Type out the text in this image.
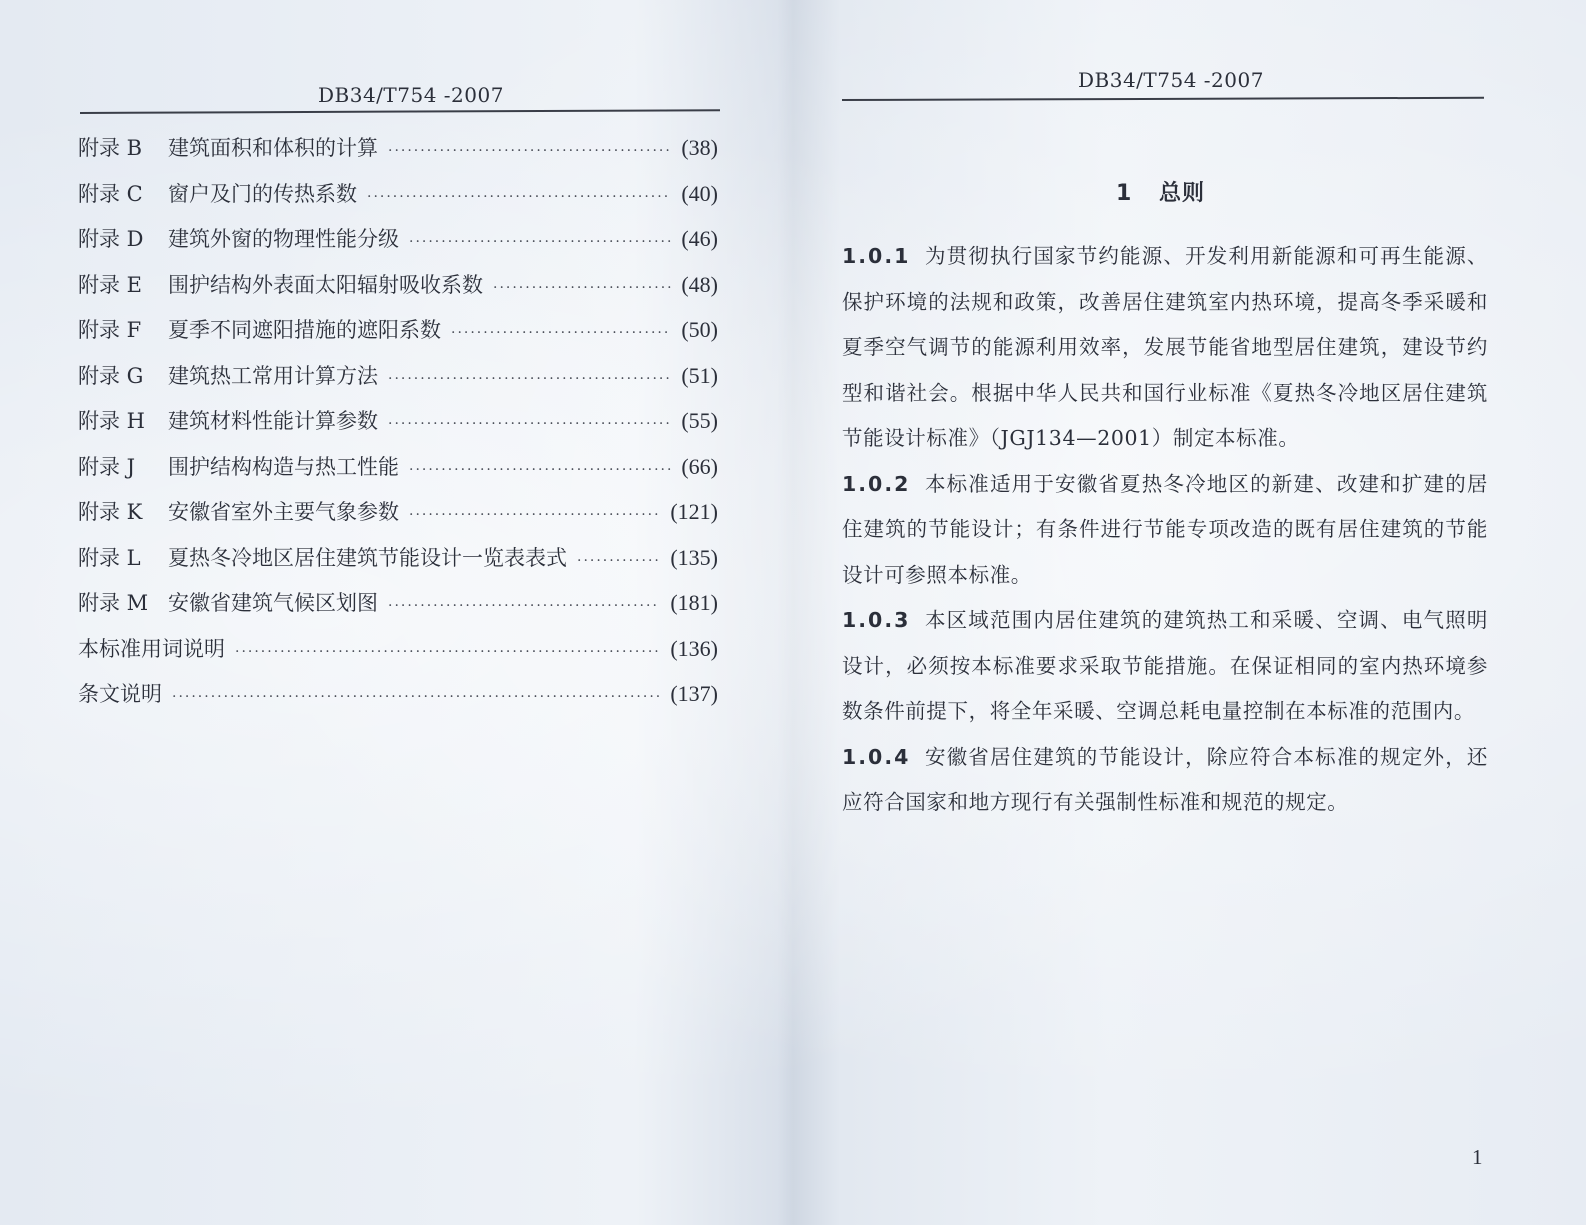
DB34/T754 -2007
附录 B 建筑面积和体积的计算 ·····	(38)
附录 C 窗户及门的传热系数 ·····	(40)
附录 D 建筑外窗的物理性能分级 ·····	(46)
附录 E 围护结构外表面太阳辐射吸收系数 ·····	(48)
附录 F 夏季不同遮阳措施的遮阳系数 ·····	(50)
附录 G 建筑热工常用计算方法 ·····	(51)
附录 H 建筑材料性能计算参数 ·····	(55)
附录 J 围护结构构造与热工性能 ·····	(66)
附录 K 安徽省室外主要气象参数 ·····	(121)
附录 L 夏热冬冷地区居住建筑节能设计一览表表式 ·····	(135)
附录 M 安徽省建筑气候区划图 ·····	(181)
本标准用词说明 ·····	(136)
条文说明 ·····	(137)
DB34/T754 -2007
1 总则

1.0.1 为贯彻执行国家节约能源、开发利用新能源和可再生能源、保护环境的法规和政策，改善居住建筑室内热环境，提高冬季采暖和夏季空气调节的能源利用效率，发展节能省地型居住建筑，建设节约型和谐社会。根据中华人民共和国行业标准《夏热冬冷地区居住建筑节能设计标准》（JGJ134—2001）制定本标准。

1.0.2 本标准适用于安徽省夏热冬冷地区的新建、改建和扩建的居住建筑的节能设计；有条件进行节能专项改造的既有居住建筑的节能设计可参照本标准。

1.0.3 本区域范围内居住建筑的建筑热工和采暖、空调、电气照明设计，必须按本标准要求采取节能措施。在保证相同的室内热环境参数条件前提下，将全年采暖、空调总耗电量控制在本标准的范围内。

1.0.4 安徽省居住建筑的节能设计，除应符合本标准的规定外，还应符合国家和地方现行有关强制性标准和规范的规定。

1
